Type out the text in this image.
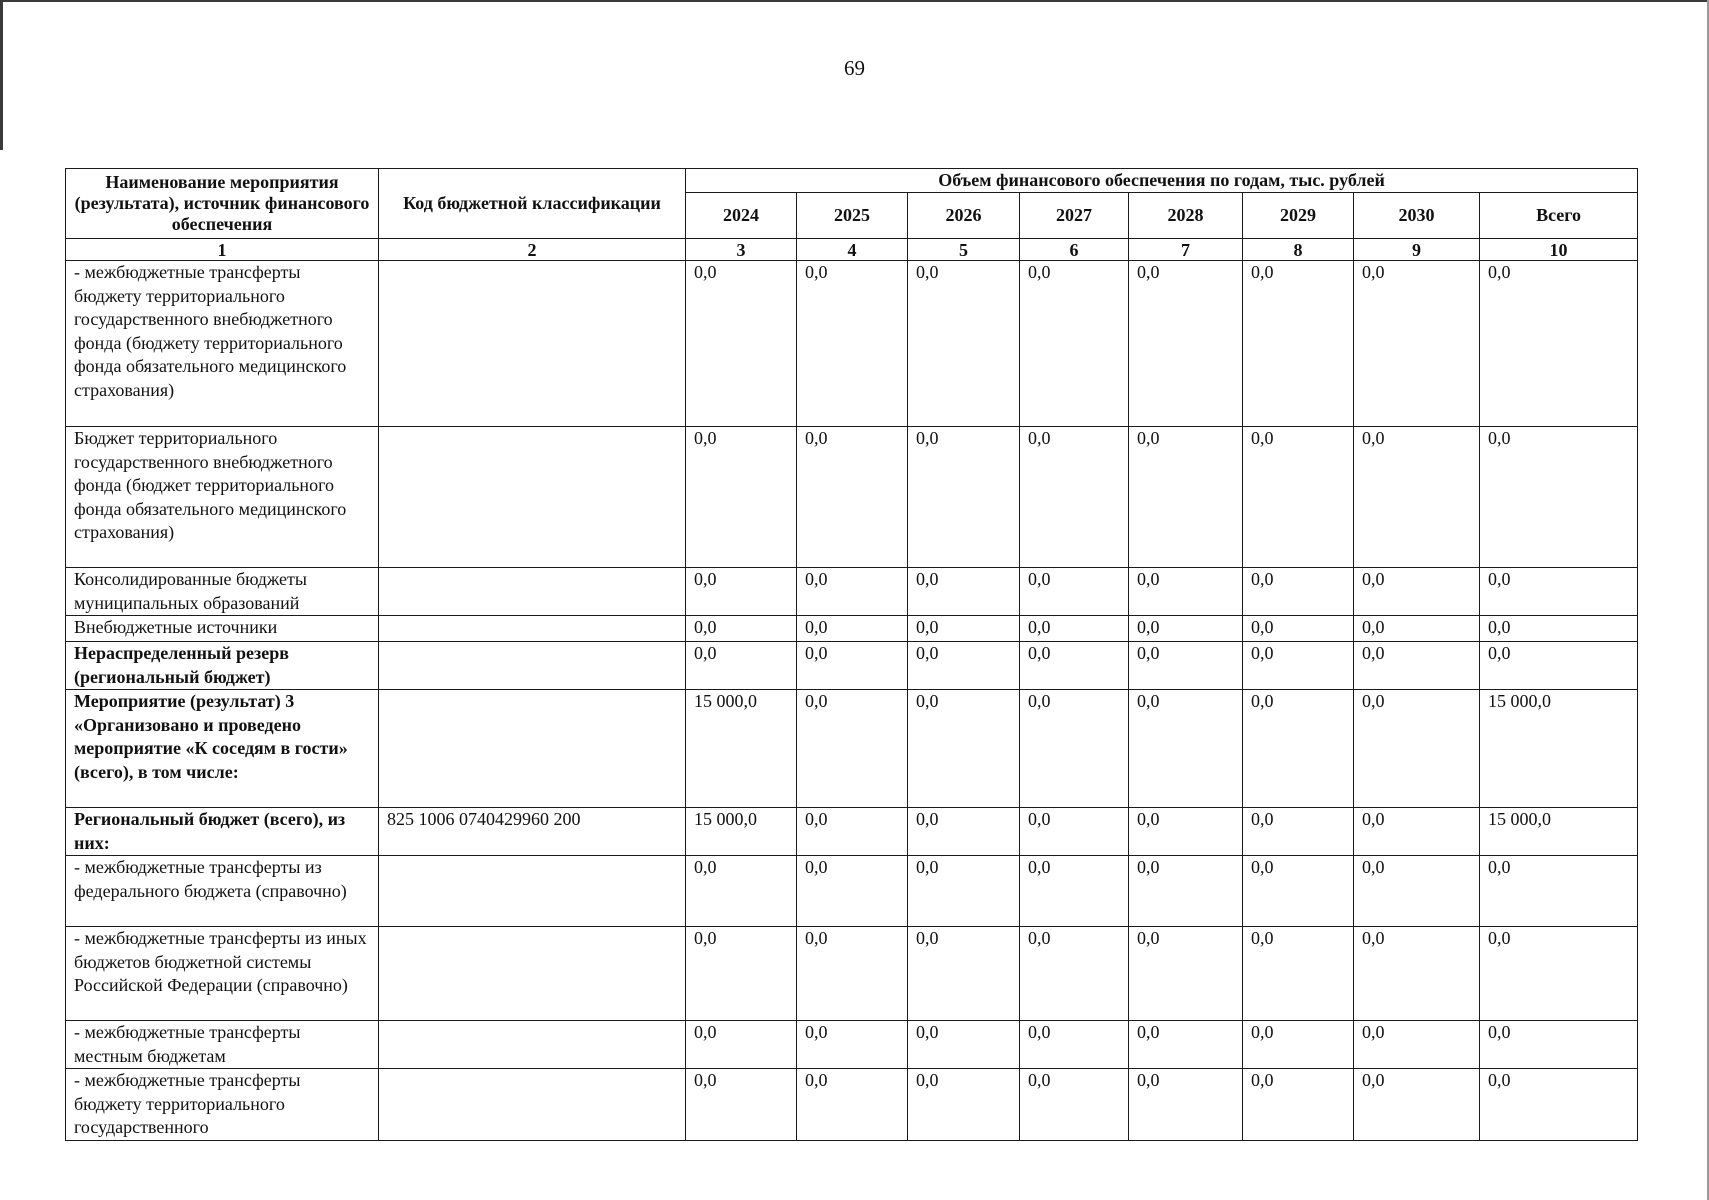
69
Наименование мероприятия (результата), источник финансового обеспечения	Код бюджетной классификации	Объем финансового обеспечения по годам, тыс. рублей							
		2024	2025	2026	2027	2028	2029	2030	Всего
1	2	3	4	5	6	7	8	9	10
- межбюджетные трансферты бюджету территориального государственного внебюджетного фонда (бюджету территориального фонда обязательного медицинского страхования)		0,0	0,0	0,0	0,0	0,0	0,0	0,0	0,0
Бюджет территориального государственного внебюджетного фонда (бюджет территориального фонда обязательного медицинского страхования)		0,0	0,0	0,0	0,0	0,0	0,0	0,0	0,0
Консолидированные бюджеты муниципальных образований		0,0	0,0	0,0	0,0	0,0	0,0	0,0	0,0
Внебюджетные источники		0,0	0,0	0,0	0,0	0,0	0,0	0,0	0,0
Нераспределенный резерв (региональный бюджет)		0,0	0,0	0,0	0,0	0,0	0,0	0,0	0,0
Мероприятие (результат) 3 «Организовано и проведено мероприятие «К соседям в гости» (всего), в том числе:		15 000,0	0,0	0,0	0,0	0,0	0,0	0,0	15 000,0
Региональный бюджет (всего), из них:	825 1006 0740429960 200	15 000,0	0,0	0,0	0,0	0,0	0,0	0,0	15 000,0
- межбюджетные трансферты из федерального бюджета (справочно)		0,0	0,0	0,0	0,0	0,0	0,0	0,0	0,0
- межбюджетные трансферты из иных бюджетов бюджетной системы Российской Федерации (справочно)		0,0	0,0	0,0	0,0	0,0	0,0	0,0	0,0
- межбюджетные трансферты местным бюджетам		0,0	0,0	0,0	0,0	0,0	0,0	0,0	0,0
- межбюджетные трансферты бюджету территориального государственного		0,0	0,0	0,0	0,0	0,0	0,0	0,0	0,0
